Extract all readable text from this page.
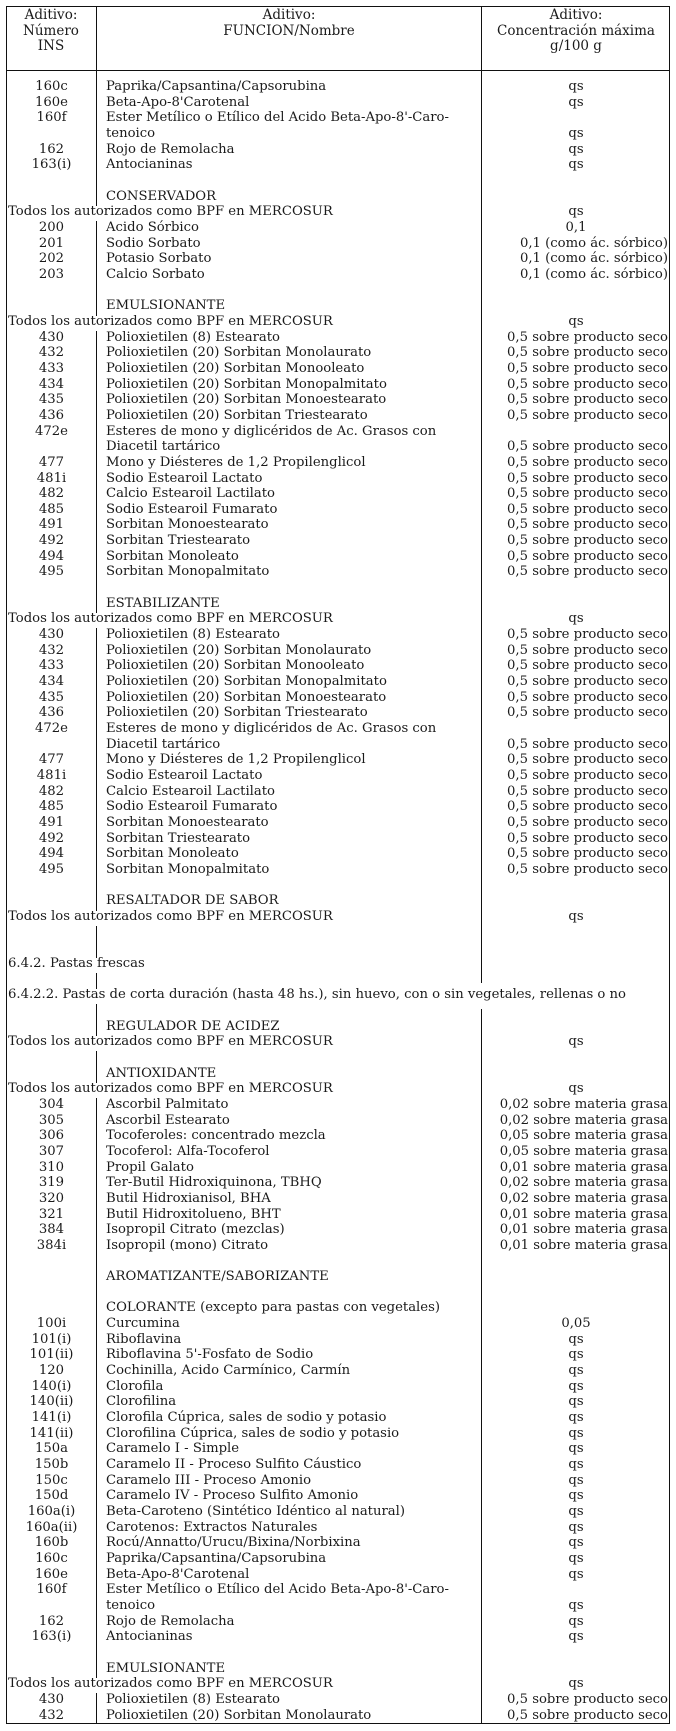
Aditivo:
Número
INS
Aditivo:
FUNCION/Nombre
Aditivo:
Concentración máxima
g/100 g
160c	Paprika/Capsantina/Capsorubina	qs
160e	Beta-Apo-8'Carotenal	qs
160f	Ester Metílico o Etílico del Acido Beta-Apo-8'-Caro-
tenoico	qs
162	Rojo de Remolacha	qs
163(i)	Antocianinas	qs
CONSERVADOR
Todos los autorizados como BPF en MERCOSUR	qs
200	Acido Sórbico	0,1
201	Sodio Sorbato	0,1 (como ác. sórbico)
202	Potasio Sorbato	0,1 (como ác. sórbico)
203	Calcio Sorbato	0,1 (como ác. sórbico)
EMULSIONANTE
Todos los autorizados como BPF en MERCOSUR	qs
430	Polioxietilen (8) Estearato	0,5 sobre producto seco
432	Polioxietilen (20) Sorbitan Monolaurato	0,5 sobre producto seco
433	Polioxietilen (20) Sorbitan Monooleato	0,5 sobre producto seco
434	Polioxietilen (20) Sorbitan Monopalmitato	0,5 sobre producto seco
435	Polioxietilen (20) Sorbitan Monoestearato	0,5 sobre producto seco
436	Polioxietilen (20) Sorbitan Triestearato	0,5 sobre producto seco
472e	Esteres de mono y diglicéridos de Ac. Grasos con
Diacetil tartárico	0,5 sobre producto seco
477	Mono y Diésteres de 1,2 Propilenglicol	0,5 sobre producto seco
481i	Sodio Estearoil Lactato	0,5 sobre producto seco
482	Calcio Estearoil Lactilato	0,5 sobre producto seco
485	Sodio Estearoil Fumarato	0,5 sobre producto seco
491	Sorbitan Monoestearato	0,5 sobre producto seco
492	Sorbitan Triestearato	0,5 sobre producto seco
494	Sorbitan Monoleato	0,5 sobre producto seco
495	Sorbitan Monopalmitato	0,5 sobre producto seco
ESTABILIZANTE
Todos los autorizados como BPF en MERCOSUR	qs
430	Polioxietilen (8) Estearato	0,5 sobre producto seco
432	Polioxietilen (20) Sorbitan Monolaurato	0,5 sobre producto seco
433	Polioxietilen (20) Sorbitan Monooleato	0,5 sobre producto seco
434	Polioxietilen (20) Sorbitan Monopalmitato	0,5 sobre producto seco
435	Polioxietilen (20) Sorbitan Monoestearato	0,5 sobre producto seco
436	Polioxietilen (20) Sorbitan Triestearato	0,5 sobre producto seco
472e	Esteres de mono y diglicéridos de Ac. Grasos con
Diacetil tartárico	0,5 sobre producto seco
477	Mono y Diésteres de 1,2 Propilenglicol	0,5 sobre producto seco
481i	Sodio Estearoil Lactato	0,5 sobre producto seco
482	Calcio Estearoil Lactilato	0,5 sobre producto seco
485	Sodio Estearoil Fumarato	0,5 sobre producto seco
491	Sorbitan Monoestearato	0,5 sobre producto seco
492	Sorbitan Triestearato	0,5 sobre producto seco
494	Sorbitan Monoleato	0,5 sobre producto seco
495	Sorbitan Monopalmitato	0,5 sobre producto seco
RESALTADOR DE SABOR
Todos los autorizados como BPF en MERCOSUR	qs
6.4.2. Pastas frescas
6.4.2.2. Pastas de corta duración (hasta 48 hs.), sin huevo, con o sin vegetales, rellenas o no
REGULADOR DE ACIDEZ
Todos los autorizados como BPF en MERCOSUR	qs
ANTIOXIDANTE
Todos los autorizados como BPF en MERCOSUR	qs
304	Ascorbil Palmitato	0,02 sobre materia grasa
305	Ascorbil Estearato	0,02 sobre materia grasa
306	Tocoferoles: concentrado mezcla	0,05 sobre materia grasa
307	Tocoferol: Alfa-Tocoferol	0,05 sobre materia grasa
310	Propil Galato	0,01 sobre materia grasa
319	Ter-Butil Hidroxiquinona, TBHQ	0,02 sobre materia grasa
320	Butil Hidroxianisol, BHA	0,02 sobre materia grasa
321	Butil Hidroxitolueno, BHT	0,01 sobre materia grasa
384	Isopropil Citrato (mezclas)	0,01 sobre materia grasa
384i	Isopropil (mono) Citrato	0,01 sobre materia grasa
AROMATIZANTE/SABORIZANTE
COLORANTE (excepto para pastas con vegetales)
100i	Curcumina	0,05
101(i)	Riboflavina	qs
101(ii)	Riboflavina 5'-Fosfato de Sodio	qs
120	Cochinilla, Acido Carmínico, Carmín	qs
140(i)	Clorofila	qs
140(ii)	Clorofilina	qs
141(i)	Clorofila Cúprica, sales de sodio y potasio	qs
141(ii)	Clorofilina Cúprica, sales de sodio y potasio	qs
150a	Caramelo I - Simple	qs
150b	Caramelo II - Proceso Sulfito Cáustico	qs
150c	Caramelo III - Proceso Amonio	qs
150d	Caramelo IV - Proceso Sulfito Amonio	qs
160a(i)	Beta-Caroteno (Sintético Idéntico al natural)	qs
160a(ii)	Carotenos: Extractos Naturales	qs
160b	Rocú/Annatto/Urucu/Bixina/Norbixina	qs
160c	Paprika/Capsantina/Capsorubina	qs
160e	Beta-Apo-8'Carotenal	qs
160f	Ester Metílico o Etílico del Acido Beta-Apo-8'-Caro-
tenoico	qs
162	Rojo de Remolacha	qs
163(i)	Antocianinas	qs
EMULSIONANTE
Todos los autorizados como BPF en MERCOSUR	qs
430	Polioxietilen (8) Estearato	0,5 sobre producto seco
432	Polioxietilen (20) Sorbitan Monolaurato	0,5 sobre producto seco
